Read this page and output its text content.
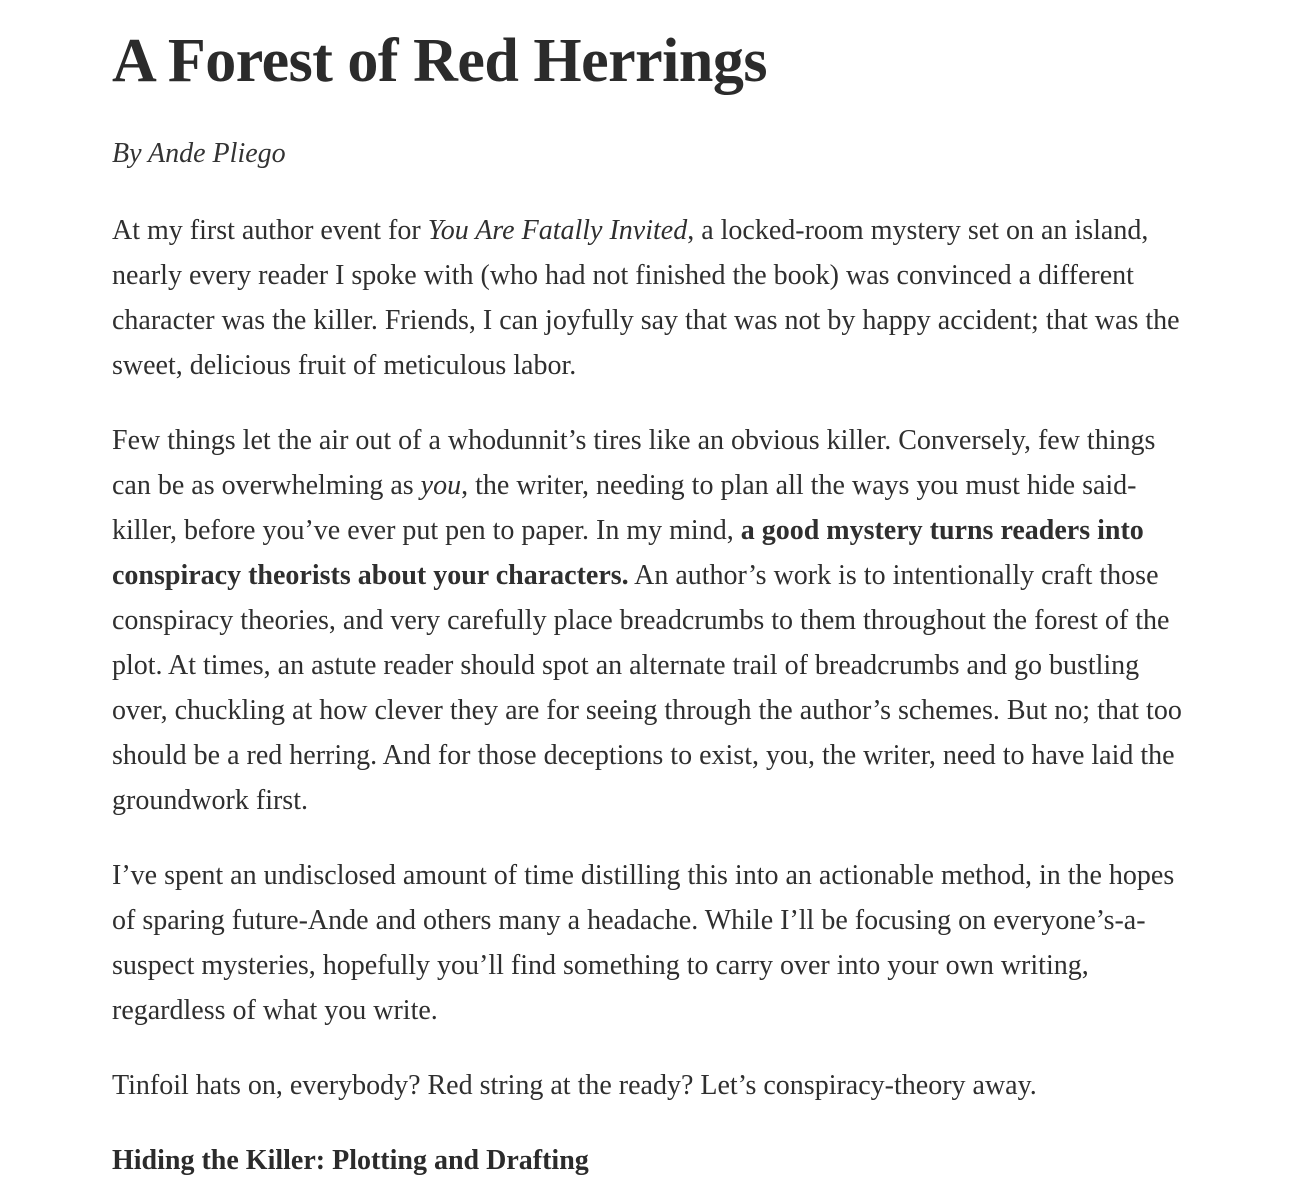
A Forest of Red Herrings

By Ande Pliego

At my first author event for You Are Fatally Invited, a locked-room mystery set on an island, nearly every reader I spoke with (who had not finished the book) was convinced a different character was the killer. Friends, I can joyfully say that was not by happy accident; that was the sweet, delicious fruit of meticulous labor.

Few things let the air out of a whodunnit’s tires like an obvious killer. Conversely, few things can be as overwhelming as you, the writer, needing to plan all the ways you must hide said-killer, before you’ve ever put pen to paper. In my mind, a good mystery turns readers into conspiracy theorists about your characters. An author’s work is to intentionally craft those conspiracy theories, and very carefully place breadcrumbs to them throughout the forest of the plot. At times, an astute reader should spot an alternate trail of breadcrumbs and go bustling over, chuckling at how clever they are for seeing through the author’s schemes. But no; that too should be a red herring. And for those deceptions to exist, you, the writer, need to have laid the groundwork first.

I’ve spent an undisclosed amount of time distilling this into an actionable method, in the hopes of sparing future-Ande and others many a headache. While I’ll be focusing on everyone’s-a-suspect mysteries, hopefully you’ll find something to carry over into your own writing, regardless of what you write.

Tinfoil hats on, everybody? Red string at the ready? Let’s conspiracy-theory away.

Hiding the Killer: Plotting and Drafting
